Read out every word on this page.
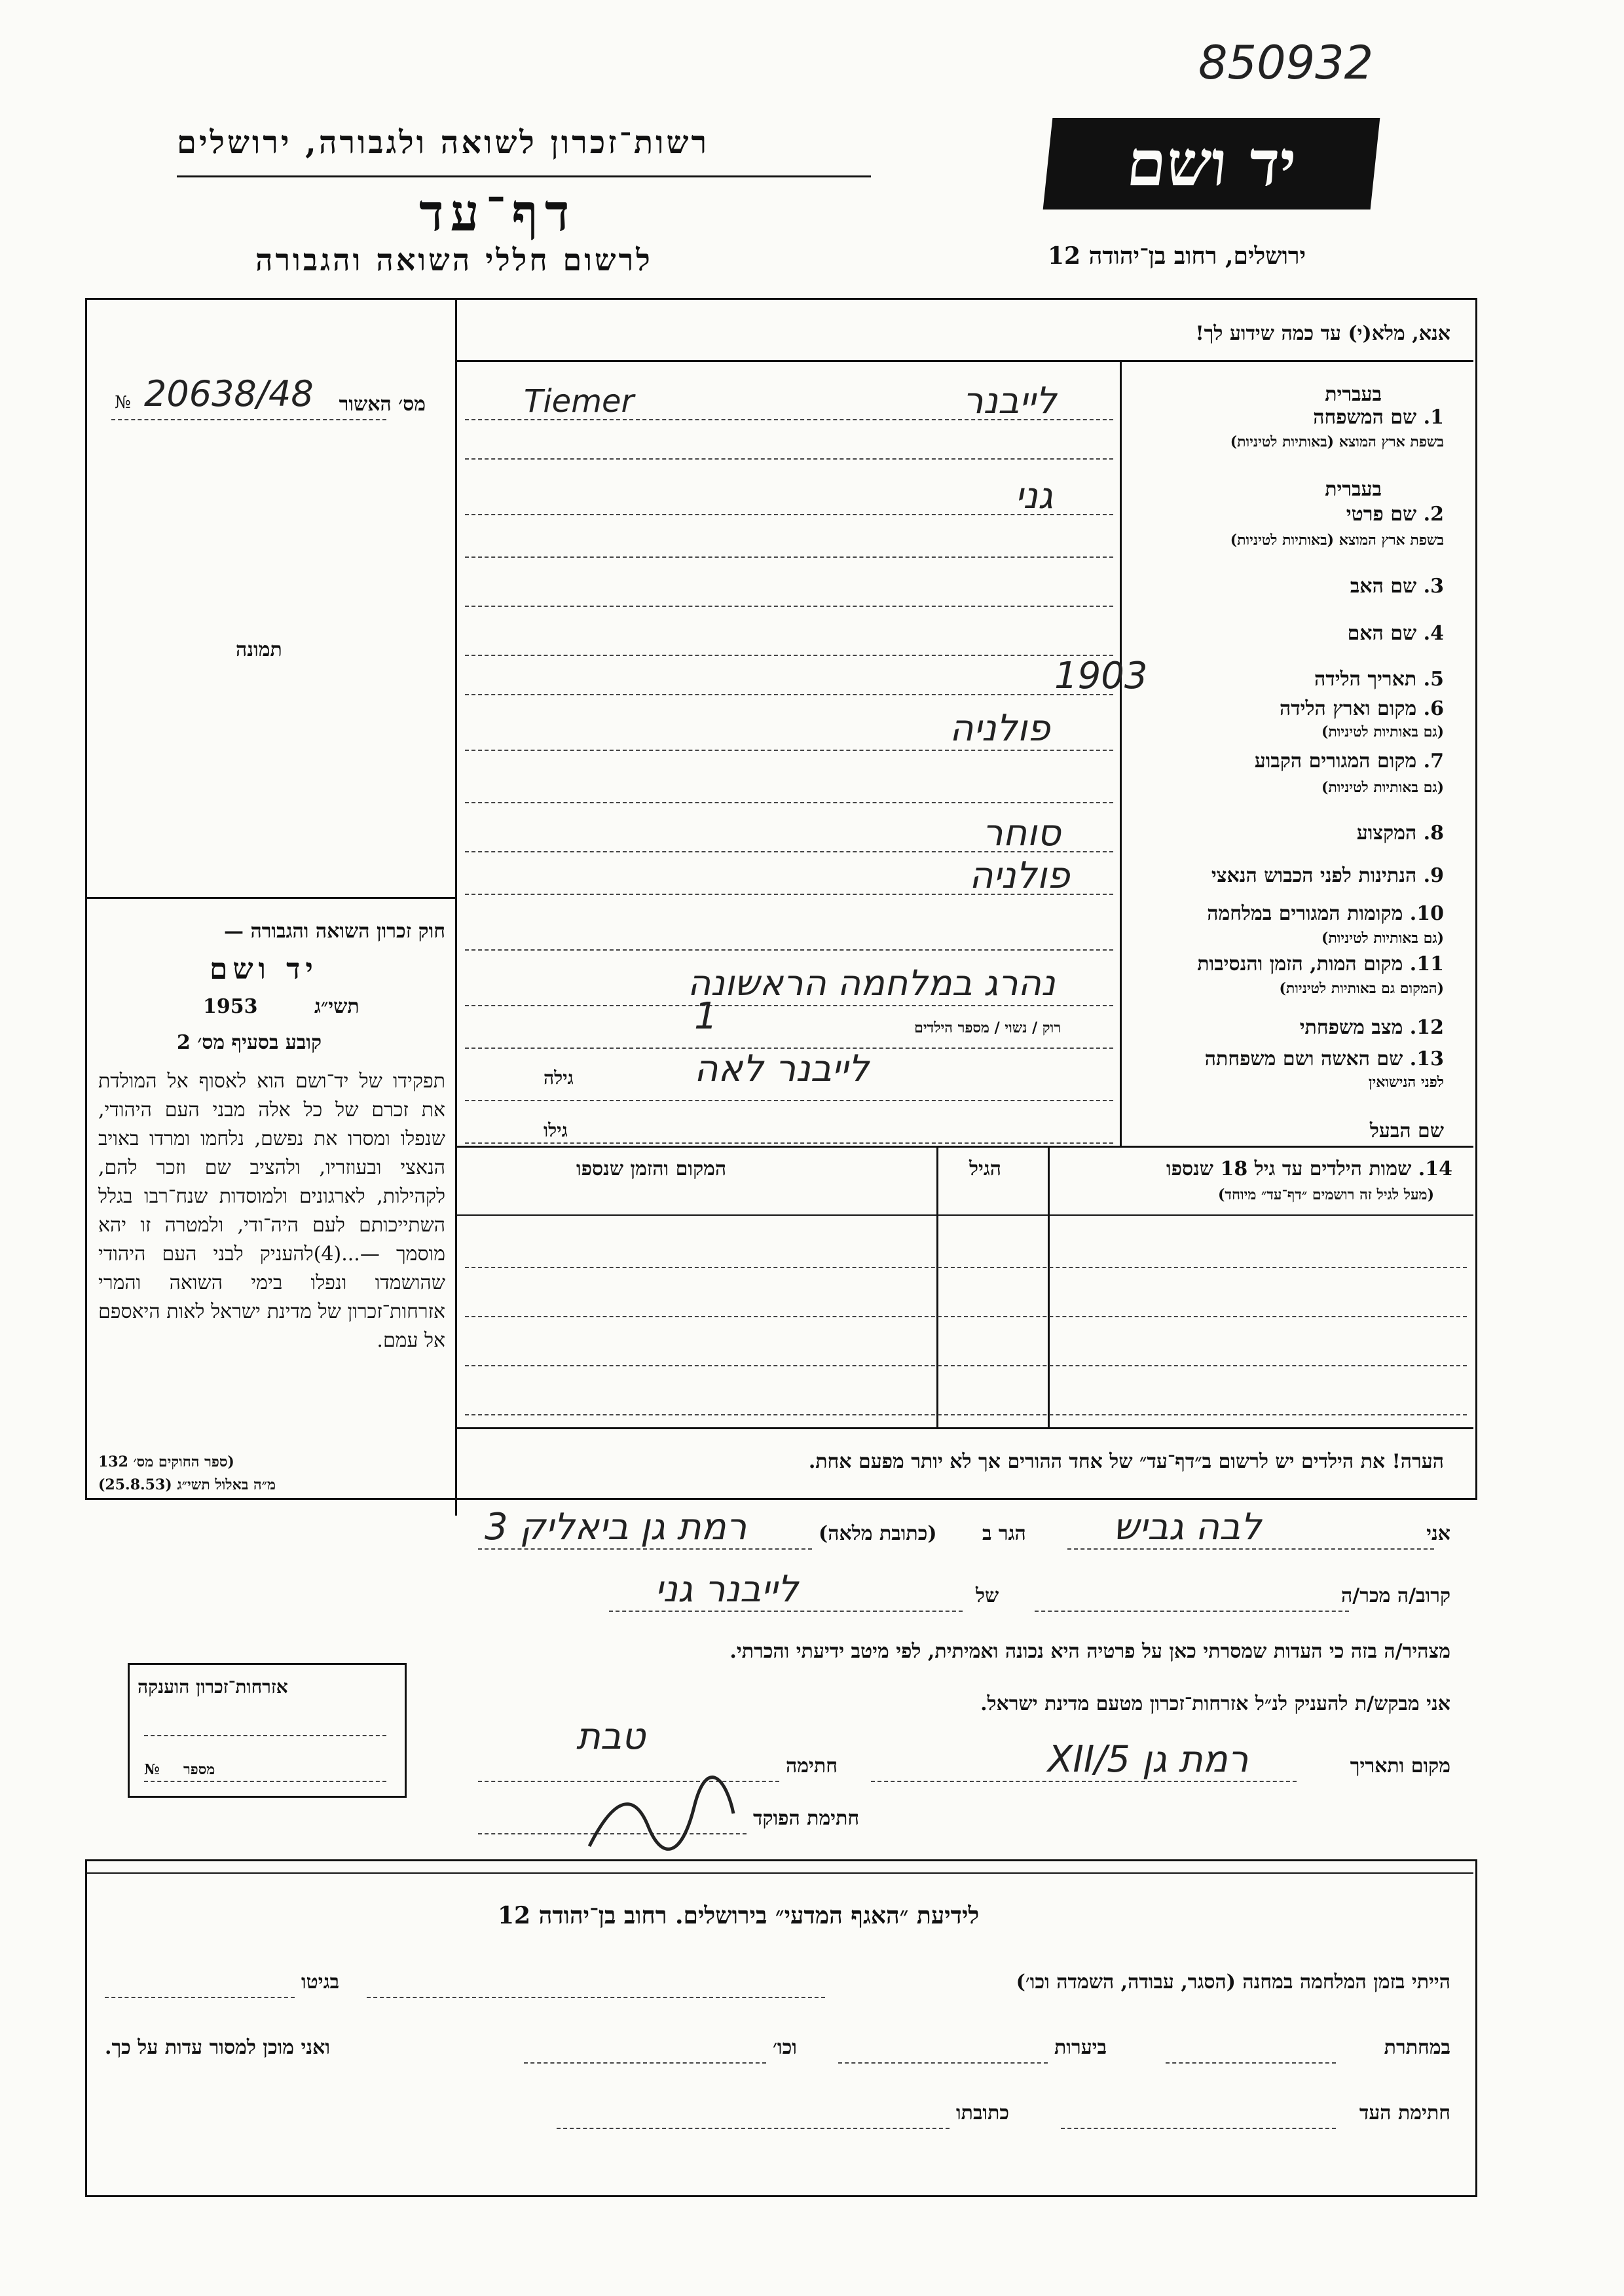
850932
רשות־זכרון לשואה ולגבורה, ירושלים
דף־עד
לרשום חללי השואה והגבורה
יד ושם
ירושלים, רחוב בן־יהודה 12
אנא, מלא(י) עד כמה שידוע לך!
מס׳ האשור
20638/48
№
תמונה
בעברית
1. שם המשפחה
בשפת ארץ המוצא (באותיות לטיניות)
לייבנר
Tiemer
בעברית
2. שם פרטי
בשפת ארץ המוצא (באותיות לטיניות)
גני
3. שם האב
4. שם האם
5. תאריך הלידה
1903
6. מקום וארץ הלידה
(גם באותיות לטיניות)
פולניה
7. מקום המגורים הקבוע
(גם באותיות לטיניות)
8. המקצוע
סוחר
9. הנתינות לפני הכבוש הנאצי
פולניה
10. מקומות המגורים במלחמה
(גם באותיות לטיניות)
11. מקום המות, הזמן והנסיבות
(המקום גם באותיות לטיניות)
נהרג במלחמה הראשונה
12. מצב משפחתי
רוק / נשוי / מספר הילדים
1
13. שם האשה ושם משפחתה
לפני הנישואין
לייבנר לאה
גילה
שם הבעל
גילו
14. שמות הילדים עד גיל 18 שנספו
(מעל לגיל זה רושמים ״דף־עד״ מיוחד)
הגיל
המקום והזמן שנספו
הערה! את הילדים יש לרשום ב״דף־עד״ של אחד ההורים אך לא יותר מפעם אחת.
חוק זכרון השואה והגבורה —
יד ושם
תשי״ג
1953
קובע בסעיף מס׳ 2
תפקידו של יד־ושם הוא לאסוף אל המולדת את זכרם של כל אלה מבני העם היהודי, שנפלו ומסרו את נפשם, נלחמו ומרדו באויב הנאצי ובעוזריו, ולהציב שם וזכר להם, לקהילות, לארגונים ולמוסדות שנח־רבו בגלל השתייכותם לעם היה־ודי, ולמטרה זו יהא מוסמך —...(4)להעניק לבני העם היהודי שהושמדו ונפלו בימי השואה והמרי אזרחות־זכרון של מדינת ישראל לאות היאספם אל עמם.
(ספר החוקים מס׳ 132
מ״ה באלול תשי״ג (25.8.53)
אני
לבה גביש
הגר ב
(כתובת מלאה)
רמת גן ביאליק 3
קרוב/ה מכר/ה
של
לייבנר גני
מצהיר/ה בזה כי העדות שמסרתי כאן על פרטיה היא נכונה ואמיתית, לפי מיטב ידיעתי והכרתי.
אני מבקש/ת להעניק לנ״ל אזרחות־זכרון מטעם מדינת ישראל.
מקום ותאריך
רמת גן 5/XII
חתימה
טבת
חתימת הפוקד
אזרחות־זכרון הוענקה
מספר
№
לידיעת ״האגף המדעי״ בירושלים. רחוב בן־יהודה 12
הייתי בזמן המלחמה במחנה (הסגר, עבודה, השמדה וכו׳)
בגיטו
במחתרת
ביערות
וכו׳
ואני מוכן למסור עדות על כך.
חתימת העד
כתובתו
